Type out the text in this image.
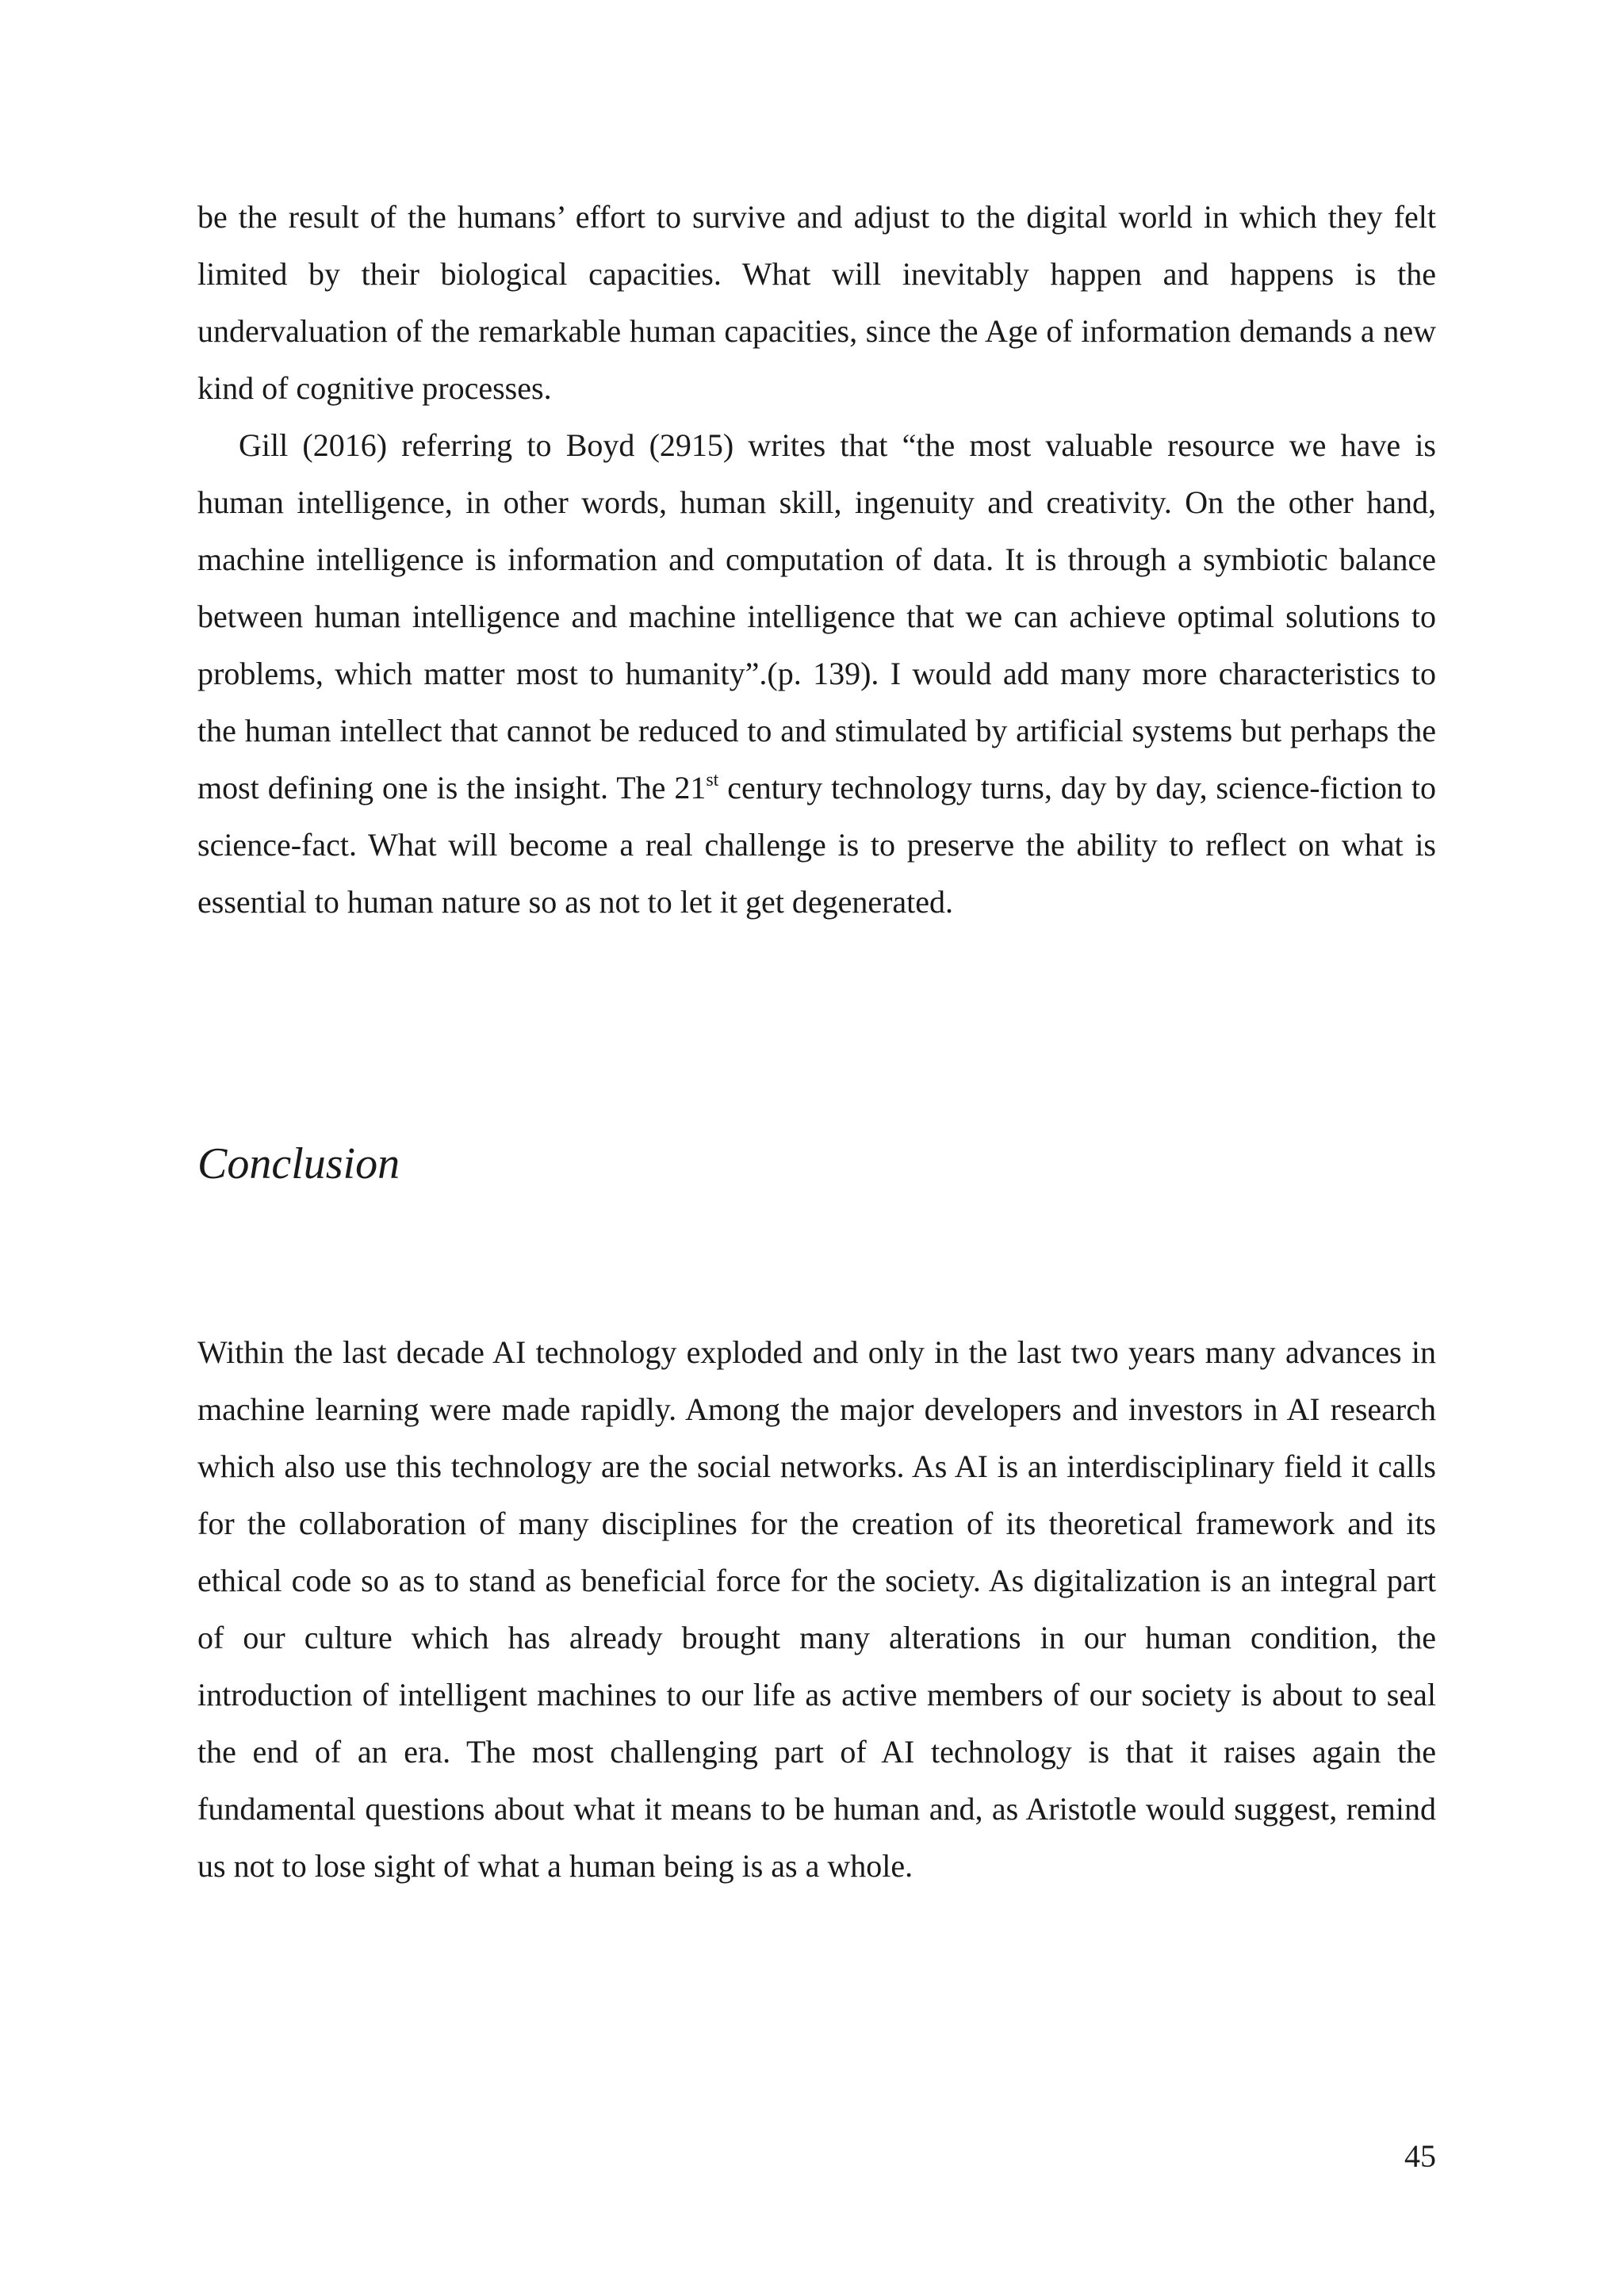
be the result of the humans’ effort to survive and adjust to the digital world in which they felt limited by their biological capacities. What will inevitably happen and happens is the undervaluation of the remarkable human capacities, since the Age of information demands a new kind of cognitive processes.

Gill (2016) referring to Boyd (2915) writes that “the most valuable resource we have is human intelligence, in other words, human skill, ingenuity and creativity. On the other hand, machine intelligence is information and computation of data. It is through a symbiotic balance between human intelligence and machine intelligence that we can achieve optimal solutions to problems, which matter most to humanity”.(p. 139). I would add many more characteristics to the human intellect that cannot be reduced to and stimulated by artificial systems but perhaps the most defining one is the insight. The 21st century technology turns, day by day, science-fiction to science-fact. What will become a real challenge is to preserve the ability to reflect on what is essential to human nature so as not to let it get degenerated.

Conclusion

Within the last decade AI technology exploded and only in the last two years many advances in machine learning were made rapidly. Among the major developers and investors in AI research which also use this technology are the social networks. As AI is an interdisciplinary field it calls for the collaboration of many disciplines for the creation of its theoretical framework and its ethical code so as to stand as beneficial force for the society. As digitalization is an integral part of our culture which has already brought many alterations in our human condition, the introduction of intelligent machines to our life as active members of our society is about to seal the end of an era. The most challenging part of AI technology is that it raises again the fundamental questions about what it means to be human and, as Aristotle would suggest, remind us not to lose sight of what a human being is as a whole.

45
